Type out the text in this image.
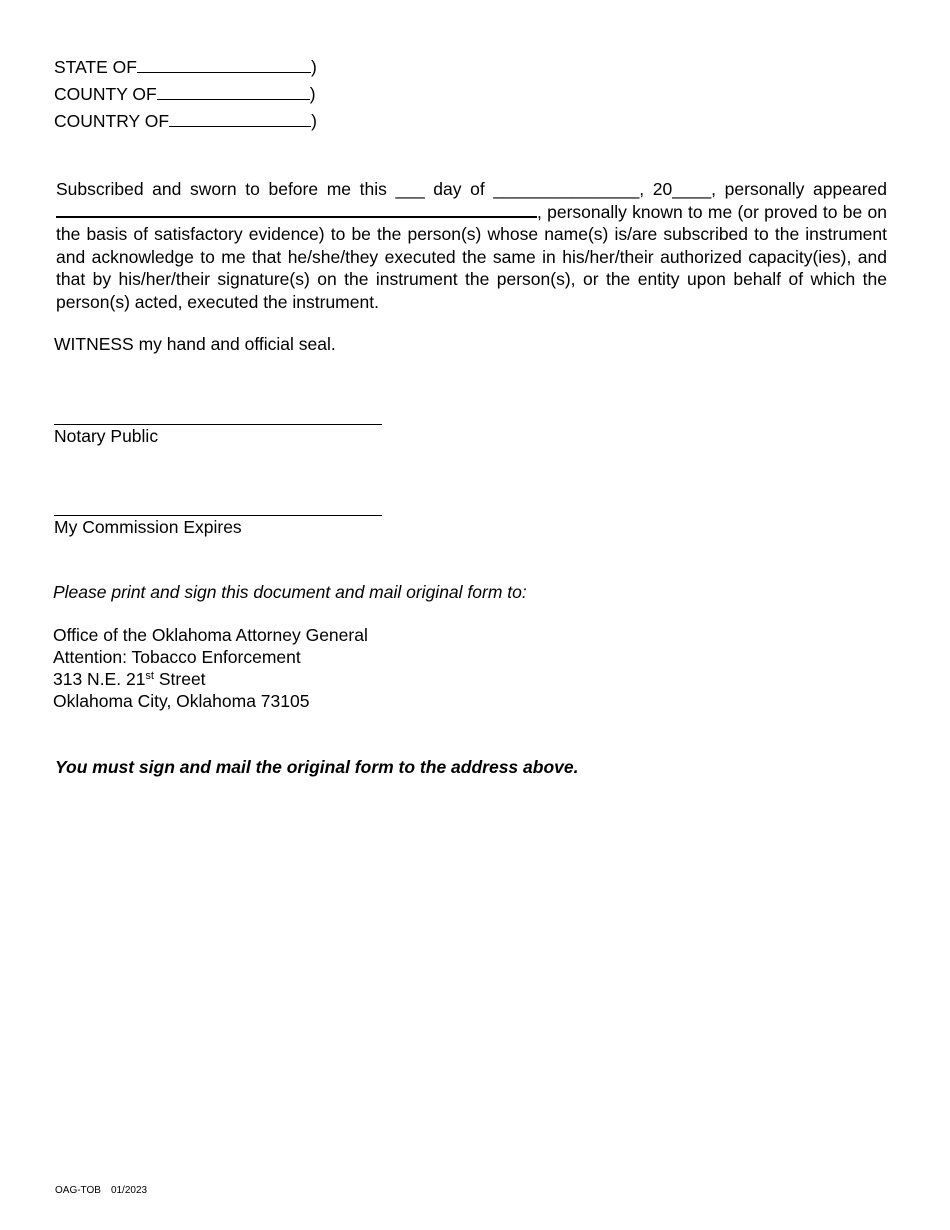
STATE OF	)
COUNTY OF	)
COUNTRY OF	)
Subscribed and sworn to before me this ___ day of _______________, 20____, personally appeared , personally known to me (or proved to be on the basis of satisfactory evidence) to be the person(s) whose name(s) is/are subscribed to the instrument and acknowledge to me that he/she/they executed the same in his/her/their authorized capacity(ies), and that by his/her/their signature(s) on the instrument the person(s), or the entity upon behalf of which the person(s) acted, executed the instrument.
WITNESS my hand and official seal.
Notary Public
My Commission Expires
Please print and sign this document and mail original form to:
Office of the Oklahoma Attorney General
Attention: Tobacco Enforcement
313 N.E. 21st Street
Oklahoma City, Oklahoma 73105
You must sign and mail the original form to the address above.
OAG-TOB 01/2023
